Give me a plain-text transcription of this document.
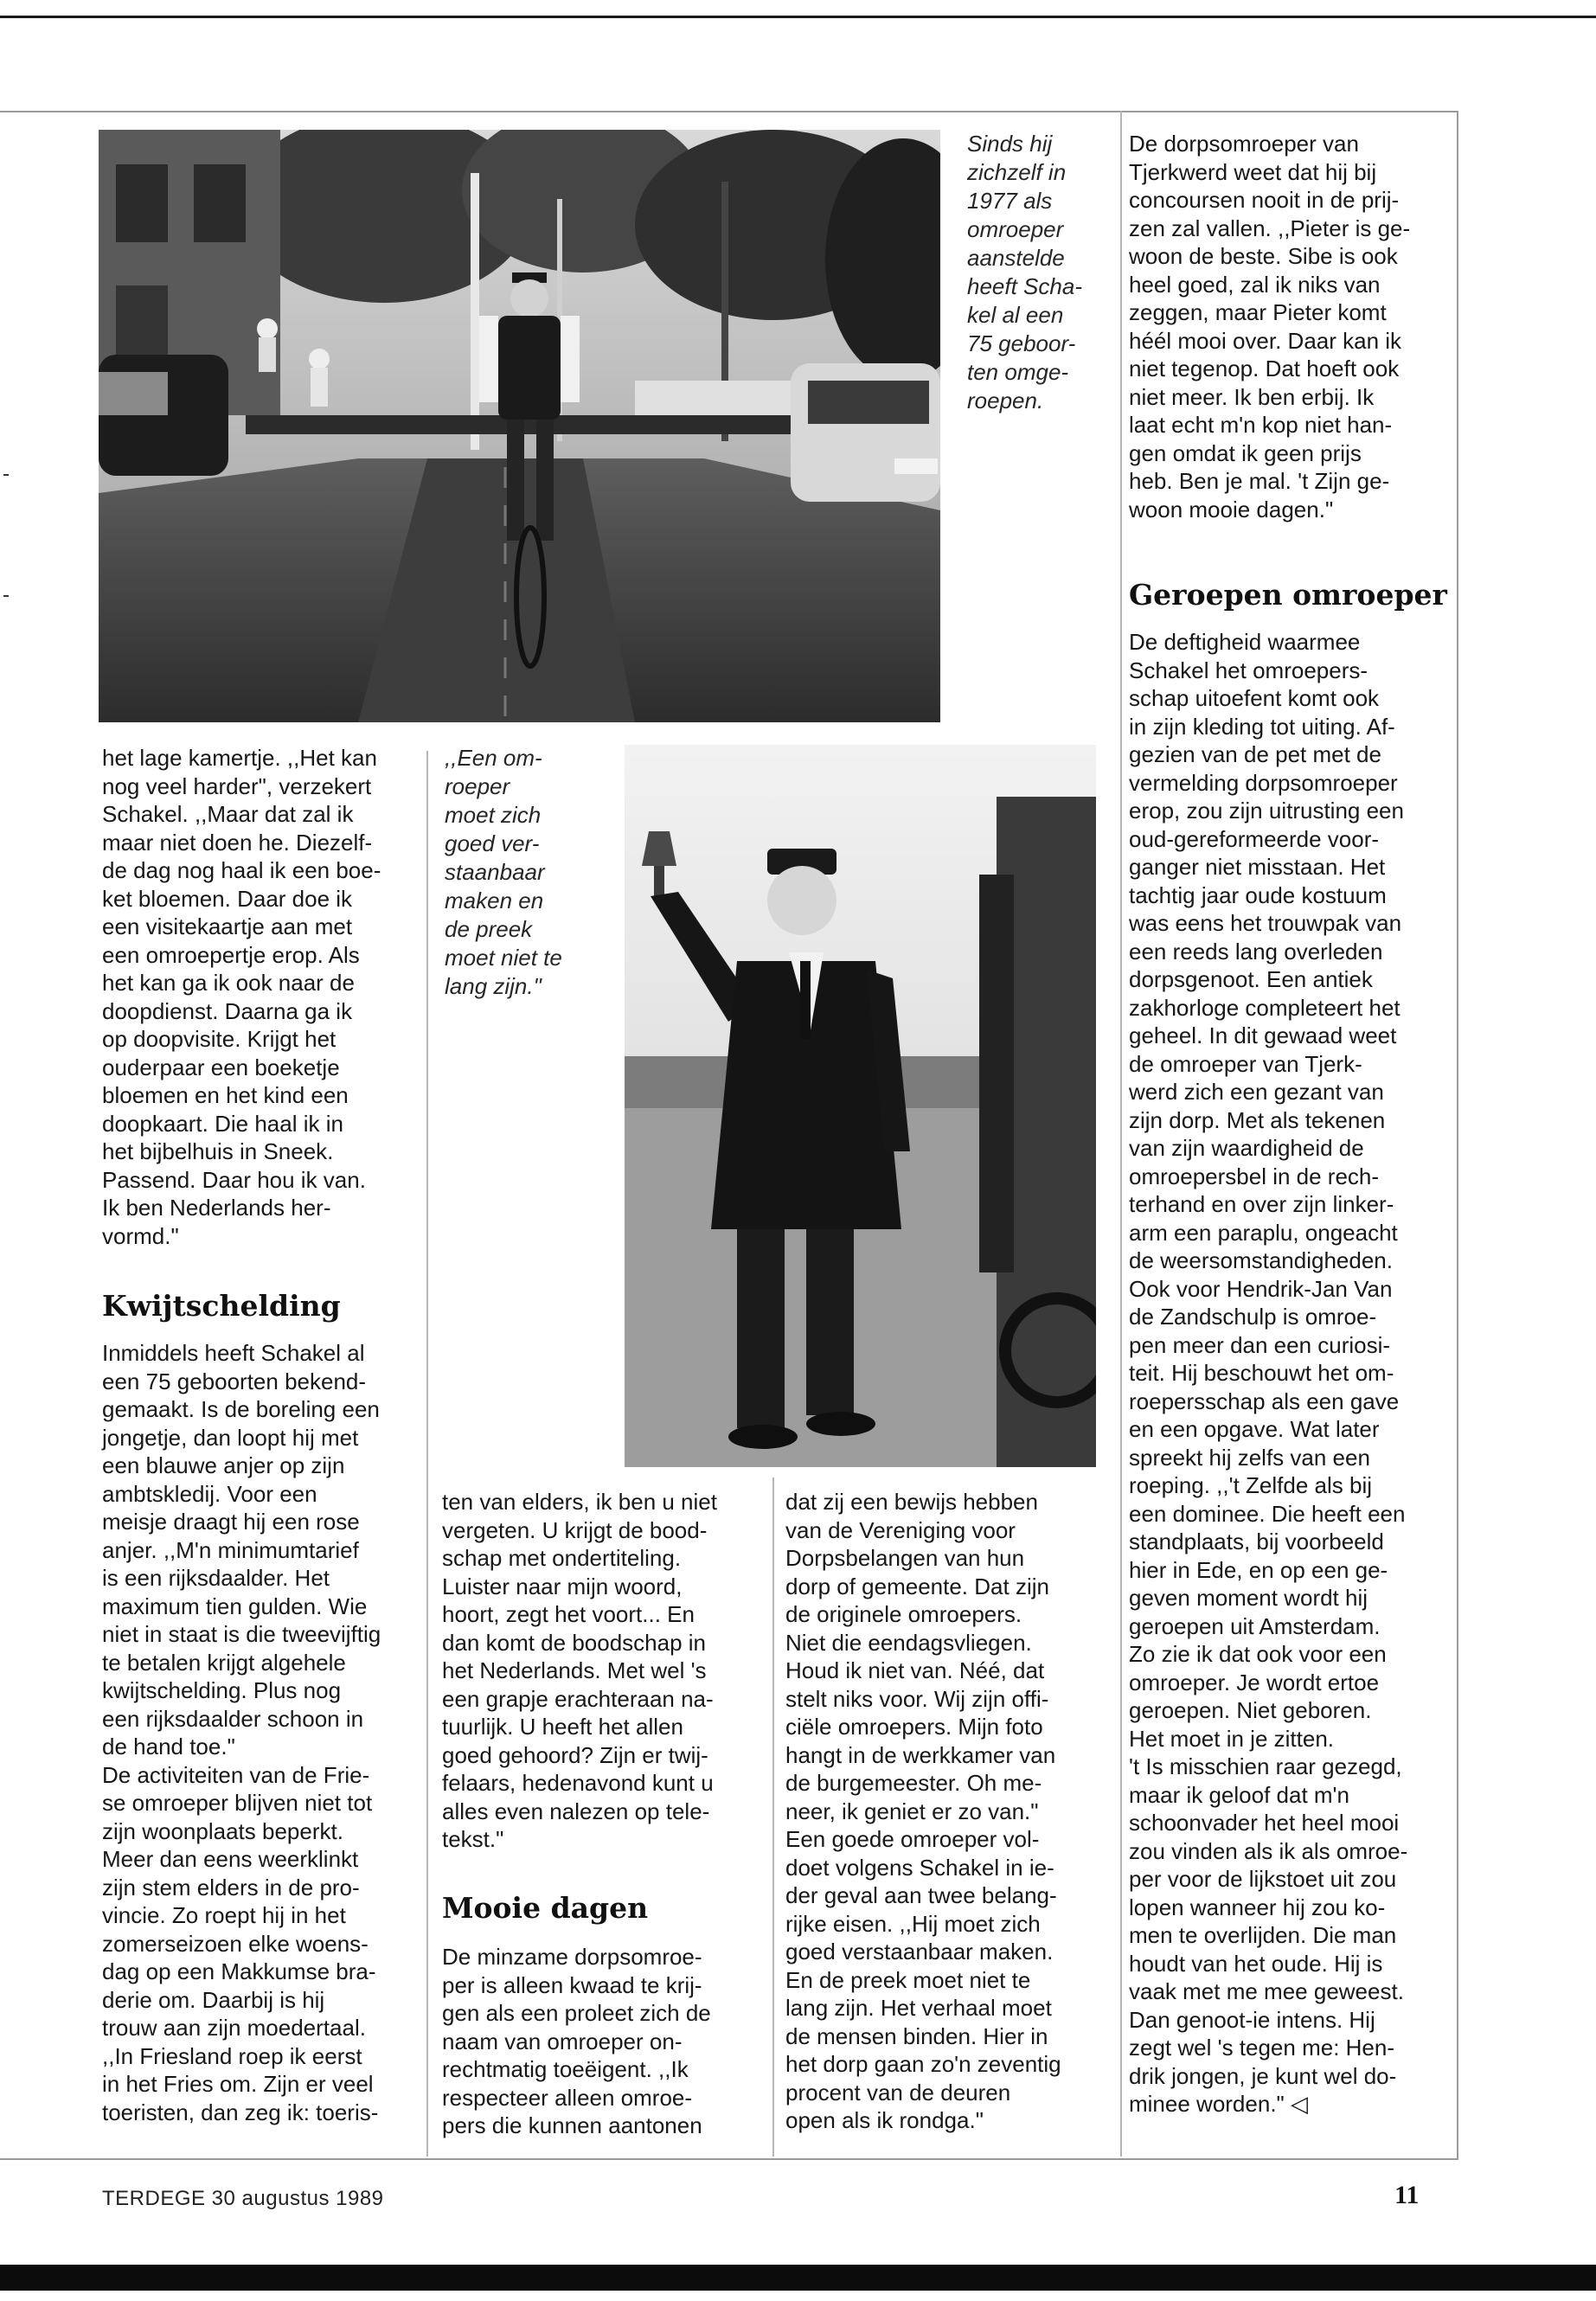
Sinds hij
zichzelf in
1977 als
omroeper
aanstelde
heeft Scha-
kel al een
75 geboor-
ten omge-
roepen.

,,Een om-
roeper
moet zich
goed ver-
staanbaar
maken en
de preek
moet niet te
lang zijn."

het lage kamertje. ,,Het kan
nog veel harder", verzekert
Schakel. ,,Maar dat zal ik
maar niet doen he. Diezelf-
de dag nog haal ik een boe-
ket bloemen. Daar doe ik
een visitekaartje aan met
een omroepertje erop. Als
het kan ga ik ook naar de
doopdienst. Daarna ga ik
op doopvisite. Krijgt het
ouderpaar een boeketje
bloemen en het kind een
doopkaart. Die haal ik in
het bijbelhuis in Sneek.
Passend. Daar hou ik van.
Ik ben Nederlands her-
vormd."

Kwijtschelding

Inmiddels heeft Schakel al
een 75 geboorten bekend-
gemaakt. Is de boreling een
jongetje, dan loopt hij met
een blauwe anjer op zijn
ambtskledij. Voor een
meisje draagt hij een rose
anjer. ,,M'n minimumtarief
is een rijksdaalder. Het
maximum tien gulden. Wie
niet in staat is die tweevijftig
te betalen krijgt algehele
kwijtschelding. Plus nog
een rijksdaalder schoon in
de hand toe."
De activiteiten van de Frie-
se omroeper blijven niet tot
zijn woonplaats beperkt.
Meer dan eens weerklinkt
zijn stem elders in de pro-
vincie. Zo roept hij in het
zomerseizoen elke woens-
dag op een Makkumse bra-
derie om. Daarbij is hij
trouw aan zijn moedertaal.
,,In Friesland roep ik eerst
in het Fries om. Zijn er veel
toeristen, dan zeg ik: toeris-

ten van elders, ik ben u niet
vergeten. U krijgt de bood-
schap met ondertiteling.
Luister naar mijn woord,
hoort, zegt het voort... En
dan komt de boodschap in
het Nederlands. Met wel 's
een grapje erachteraan na-
tuurlijk. U heeft het allen
goed gehoord? Zijn er twij-
felaars, hedenavond kunt u
alles even nalezen op tele-
tekst."

Mooie dagen

De minzame dorpsomroe-
per is alleen kwaad te krij-
gen als een proleet zich de
naam van omroeper on-
rechtmatig toeëigent. ,,Ik
respecteer alleen omroe-
pers die kunnen aantonen

dat zij een bewijs hebben
van de Vereniging voor
Dorpsbelangen van hun
dorp of gemeente. Dat zijn
de originele omroepers.
Niet die eendagsvliegen.
Houd ik niet van. Néé, dat
stelt niks voor. Wij zijn offi-
ciële omroepers. Mijn foto
hangt in de werkkamer van
de burgemeester. Oh me-
neer, ik geniet er zo van."
Een goede omroeper vol-
doet volgens Schakel in ie-
der geval aan twee belang-
rijke eisen. ,,Hij moet zich
goed verstaanbaar maken.
En de preek moet niet te
lang zijn. Het verhaal moet
de mensen binden. Hier in
het dorp gaan zo'n zeventig
procent van de deuren
open als ik rondga."

De dorpsomroeper van
Tjerkwerd weet dat hij bij
concoursen nooit in de prij-
zen zal vallen. ,,Pieter is ge-
woon de beste. Sibe is ook
heel goed, zal ik niks van
zeggen, maar Pieter komt
héél mooi over. Daar kan ik
niet tegenop. Dat hoeft ook
niet meer. Ik ben erbij. Ik
laat echt m'n kop niet han-
gen omdat ik geen prijs
heb. Ben je mal. 't Zijn ge-
woon mooie dagen."

Geroepen omroeper

De deftigheid waarmee
Schakel het omroepers-
schap uitoefent komt ook
in zijn kleding tot uiting. Af-
gezien van de pet met de
vermelding dorpsomroeper
erop, zou zijn uitrusting een
oud-gereformeerde voor-
ganger niet misstaan. Het
tachtig jaar oude kostuum
was eens het trouwpak van
een reeds lang overleden
dorpsgenoot. Een antiek
zakhorloge completeert het
geheel. In dit gewaad weet
de omroeper van Tjerk-
werd zich een gezant van
zijn dorp. Met als tekenen
van zijn waardigheid de
omroepersbel in de rech-
terhand en over zijn linker-
arm een paraplu, ongeacht
de weersomstandigheden.
Ook voor Hendrik-Jan Van
de Zandschulp is omroe-
pen meer dan een curiosi-
teit. Hij beschouwt het om-
roepersschap als een gave
en een opgave. Wat later
spreekt hij zelfs van een
roeping. ,,'t Zelfde als bij
een dominee. Die heeft een
standplaats, bij voorbeeld
hier in Ede, en op een ge-
geven moment wordt hij
geroepen uit Amsterdam.
Zo zie ik dat ook voor een
omroeper. Je wordt ertoe
geroepen. Niet geboren.
Het moet in je zitten.
't Is misschien raar gezegd,
maar ik geloof dat m'n
schoonvader het heel mooi
zou vinden als ik als omroe-
per voor de lijkstoet uit zou
lopen wanneer hij zou ko-
men te overlijden. Die man
houdt van het oude. Hij is
vaak met me mee geweest.
Dan genoot-ie intens. Hij
zegt wel 's tegen me: Hen-
drik jongen, je kunt wel do-
minee worden." ◁

TERDEGE 30 augustus 1989	11
